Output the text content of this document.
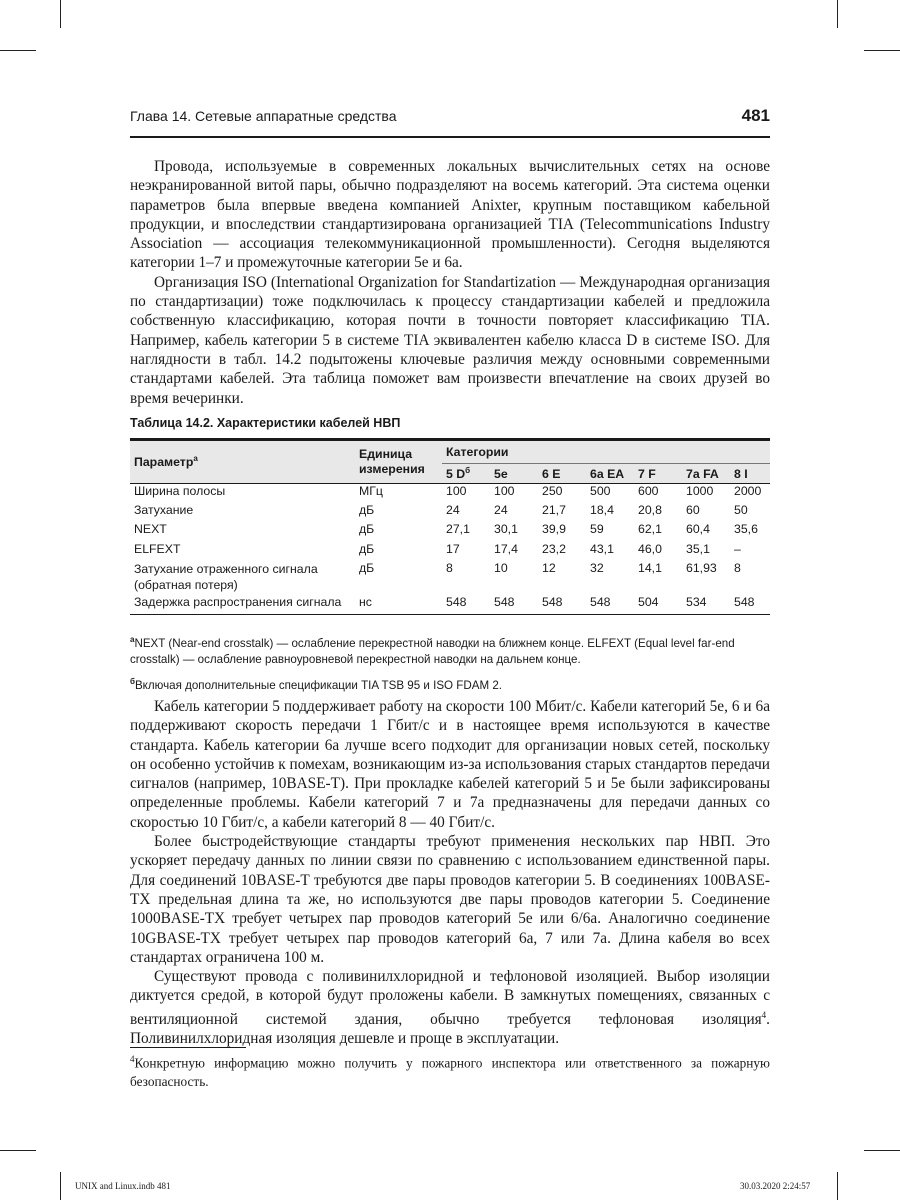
Глава 14. Сетевые аппаратные средства	481

Провода, используемые в современных локальных вычислительных сетях на основе неэкранированной витой пары, обычно подразделяют на восемь категорий. Эта система оценки параметров была впервые введена компанией Anixter, крупным поставщиком кабельной продукции, и впоследствии стандартизирована организацией TIA (Telecommunications Industry Association — ассоциация телекоммуникационной промышленности). Сегодня выделяются категории 1–7 и промежуточные категории 5е и 6а.

Организация ISO (International Organization for Standartization — Международная организация по стандартизации) тоже подключилась к процессу стандартизации кабелей и предложила собственную классификацию, которая почти в точности повторяет классификацию TIA. Например, кабель категории 5 в системе TIA эквивалентен кабелю класса D в системе ISO. Для наглядности в табл. 14.2 подытожены ключевые различия между основными современными стандартами кабелей. Эта таблица поможет вам произвести впечатление на своих друзей во время вечеринки.

Таблица 14.2. Характеристики кабелей НВП
Параметр$^a$	Единица измерения	Категории						
		5 $D^б$	5e	6 E	6a EA	7 F	7a FA	8 I
Ширина полосы	МГц	100	100	250	500	600	1000	2000
Затухание	дБ	24	24	21,7	18,4	20,8	60	50
NEXT	дБ	27,1	30,1	39,9	59	62,1	60,4	35,6
ELFEXT	дБ	17	17,4	23,2	43,1	46,0	35,1	–
Затухание отраженного сигнала (обратная потеря)	дБ	8	10	12	32	14,1	61,93	8
Задержка распространения сигнала	нс	548	548	548	548	504	534	548
$^a$NEXT (Near-end crosstalk) — ослабление перекрестной наводки на ближнем конце. ELFEXT (Equal level far-end crosstalk) — ослабление равноуровневой перекрестной наводки на дальнем конце.
$^б$Включая дополнительные спецификации TIA TSB 95 и ISO FDAM 2.

Кабель категории 5 поддерживает работу на скорости 100 Мбит/с. Кабели категорий 5е, 6 и 6а поддерживают скорость передачи 1 Гбит/с и в настоящее время используются в качестве стандарта. Кабель категории 6а лучше всего подходит для организации новых сетей, поскольку он особенно устойчив к помехам, возникающим из-за использования старых стандартов передачи сигналов (например, 10BASE-T). При прокладке кабелей категорий 5 и 5е были зафиксированы определенные проблемы. Кабели категорий 7 и 7а предназначены для передачи данных со скоростью 10 Гбит/с, а кабели категорий 8 — 40 Гбит/с.

Более быстродействующие стандарты требуют применения нескольких пар НВП. Это ускоряет передачу данных по линии связи по сравнению с использованием единственной пары. Для соединений 10BASE-T требуются две пары проводов категории 5. В соединениях 100BASE-TX предельная длина та же, но используются две пары проводов категории 5. Соединение 1000BASE-TX требует четырех пар проводов категорий 5е или 6/6а. Аналогично соединение 10GBASE-TX требует четырех пар проводов категорий 6а, 7 или 7а. Длина кабеля во всех стандартах ограничена 100 м.

Существуют провода с поливинилхлоридной и тефлоновой изоляцией. Выбор изоляции диктуется средой, в которой будут проложены кабели. В замкнутых помещениях, связанных с вентиляционной системой здания, обычно требуется тефлоновая изоляция$^4$. Поливинилхлоридная изоляция дешевле и проще в эксплуатации.

$^4$Конкретную информацию можно получить у пожарного инспектора или ответственного за пожарную безопасность.
UNIX and Linux.indb 481	30.03.2020 2:24:57
